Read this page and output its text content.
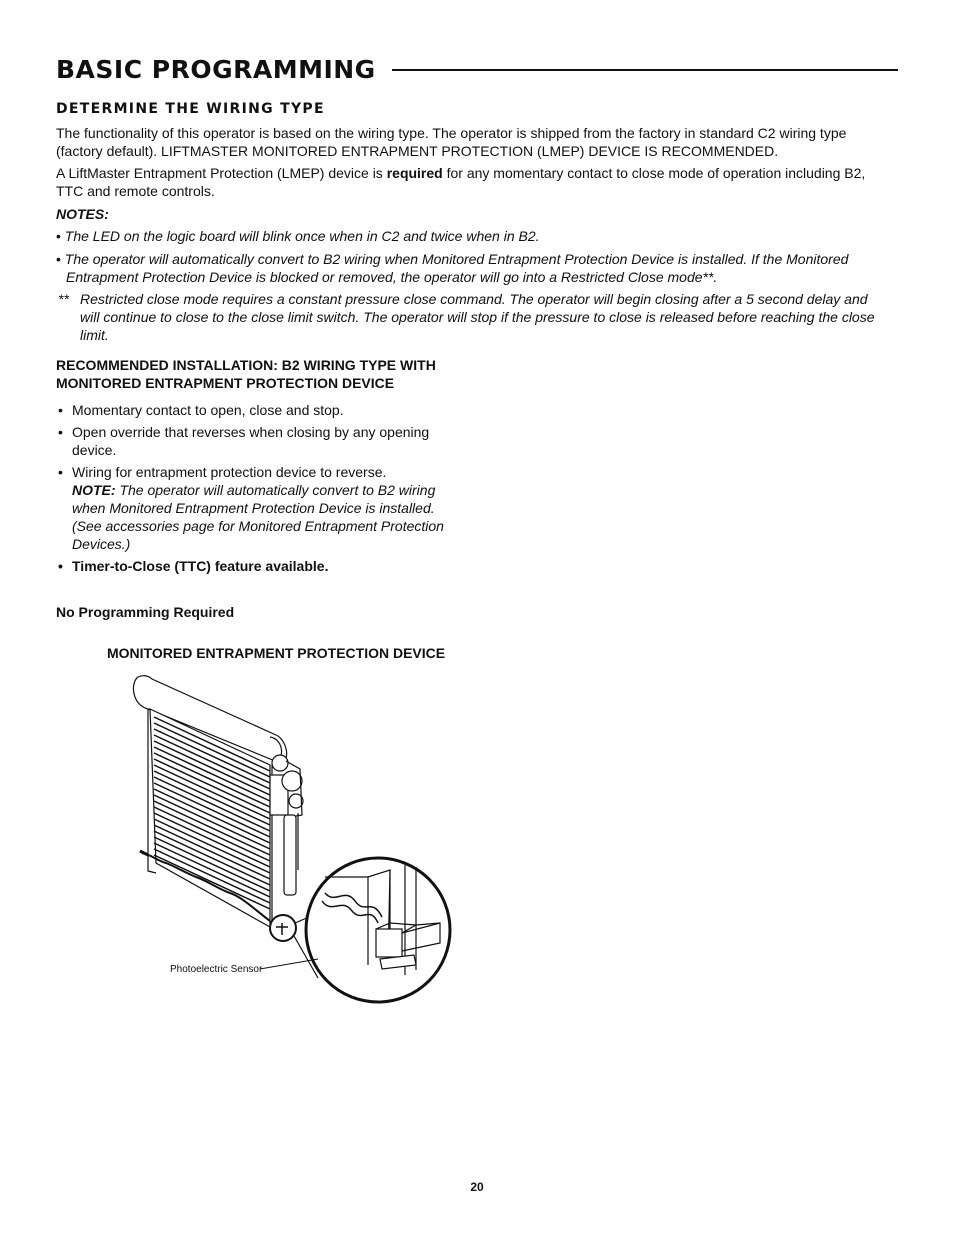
BASIC PROGRAMMING
DETERMINE THE WIRING TYPE
The functionality of this operator is based on the wiring type. The operator is shipped from the factory in standard C2 wiring type (factory default). LIFTMASTER MONITORED ENTRAPMENT PROTECTION (LMEP) DEVICE IS RECOMMENDED.
A LiftMaster Entrapment Protection (LMEP) device is required for any momentary contact to close mode of operation including B2, TTC and remote controls.
NOTES:
• The LED on the logic board will blink once when in C2 and twice when in B2.
• The operator will automatically convert to B2 wiring when Monitored Entrapment Protection Device is installed. If the Monitored Entrapment Protection Device is blocked or removed, the operator will go into a Restricted Close mode**.
** Restricted close mode requires a constant pressure close command. The operator will begin closing after a 5 second delay and will continue to close to the close limit switch. The operator will stop if the pressure to close is released before reaching the close limit.
RECOMMENDED INSTALLATION: B2 WIRING TYPE WITH
MONITORED ENTRAPMENT PROTECTION DEVICE
• Momentary contact to open, close and stop.
• Open override that reverses when closing by any opening device.
• Wiring for entrapment protection device to reverse.
NOTE: The operator will automatically convert to B2 wiring when Monitored Entrapment Protection Device is installed. (See accessories page for Monitored Entrapment Protection Devices.)
• Timer-to-Close (TTC) feature available.
No Programming Required
MONITORED ENTRAPMENT PROTECTION DEVICE
Photoelectric Sensor
20
